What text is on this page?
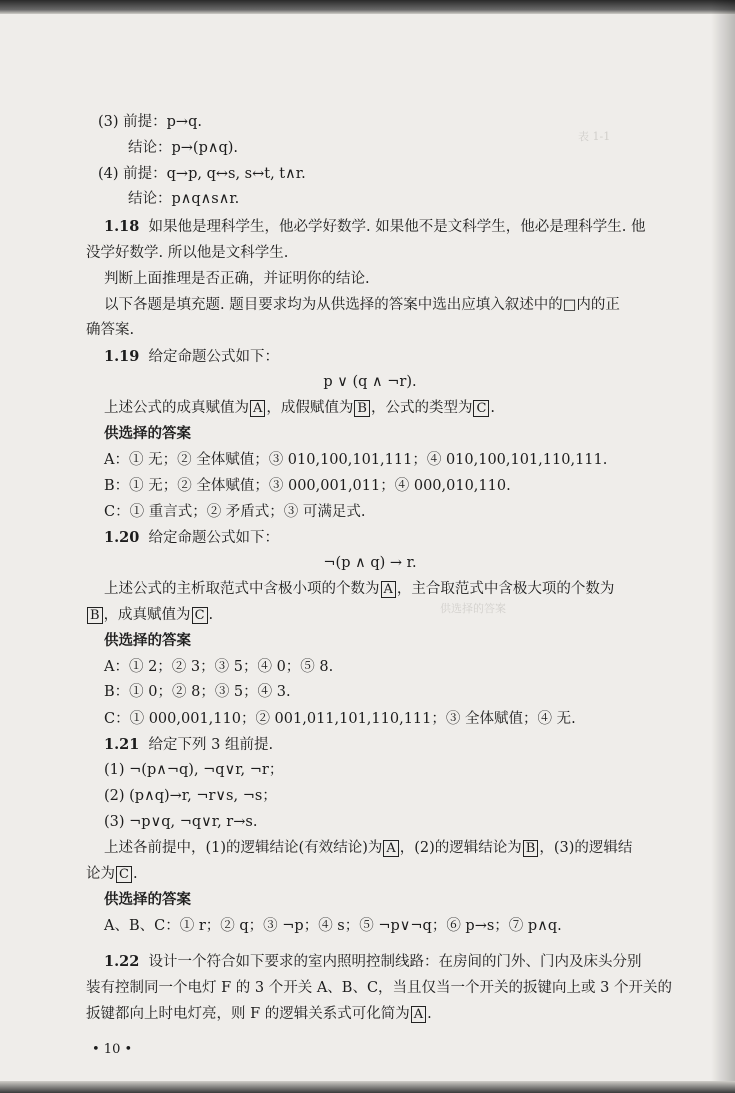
表 1-1
供选择的答案
(3) 前提：p→q.
结论：p→(p∧q).
(4) 前提：q→p, q↔s, s↔t, t∧r.
结论：p∧q∧s∧r.
1.18 如果他是理科学生，他必学好数学. 如果他不是文科学生，他必是理科学生. 他
没学好数学. 所以他是文科学生.
判断上面推理是否正确，并证明你的结论.
以下各题是填充题. 题目要求均为从供选择的答案中选出应填入叙述中的□内的正
确答案.
1.19 给定命题公式如下：
p ∨ (q ∧ ¬r).
上述公式的成真赋值为 A ，成假赋值为 B ，公式的类型为 C .
供选择的答案
A：① 无；② 全体赋值；③ 010,100,101,111；④ 010,100,101,110,111.
B：① 无；② 全体赋值；③ 000,001,011；④ 000,010,110.
C：① 重言式；② 矛盾式；③ 可满足式.
1.20 给定命题公式如下：
¬(p ∧ q) → r.
上述公式的主析取范式中含极小项的个数为 A ，主合取范式中含极大项的个数为
B ，成真赋值为 C .
供选择的答案
A：① 2；② 3；③ 5；④ 0；⑤ 8.
B：① 0；② 8；③ 5；④ 3.
C：① 000,001,110；② 001,011,101,110,111；③ 全体赋值；④ 无.
1.21 给定下列 3 组前提.
(1) ¬(p∧¬q), ¬q∨r, ¬r；
(2) (p∧q)→r, ¬r∨s, ¬s；
(3) ¬p∨q, ¬q∨r, r→s.
上述各前提中，(1)的逻辑结论(有效结论)为 A ，(2)的逻辑结论为 B ，(3)的逻辑结
论为 C .
供选择的答案
A、B、C：① r；② q；③ ¬p；④ s；⑤ ¬p∨¬q；⑥ p→s；⑦ p∧q.
1.22 设计一个符合如下要求的室内照明控制线路：在房间的门外、门内及床头分别
装有控制同一个电灯 F 的 3 个开关 A、B、C，当且仅当一个开关的扳键向上或 3 个开关的
扳键都向上时电灯亮，则 F 的逻辑关系式可化简为 A .
• 10 •
